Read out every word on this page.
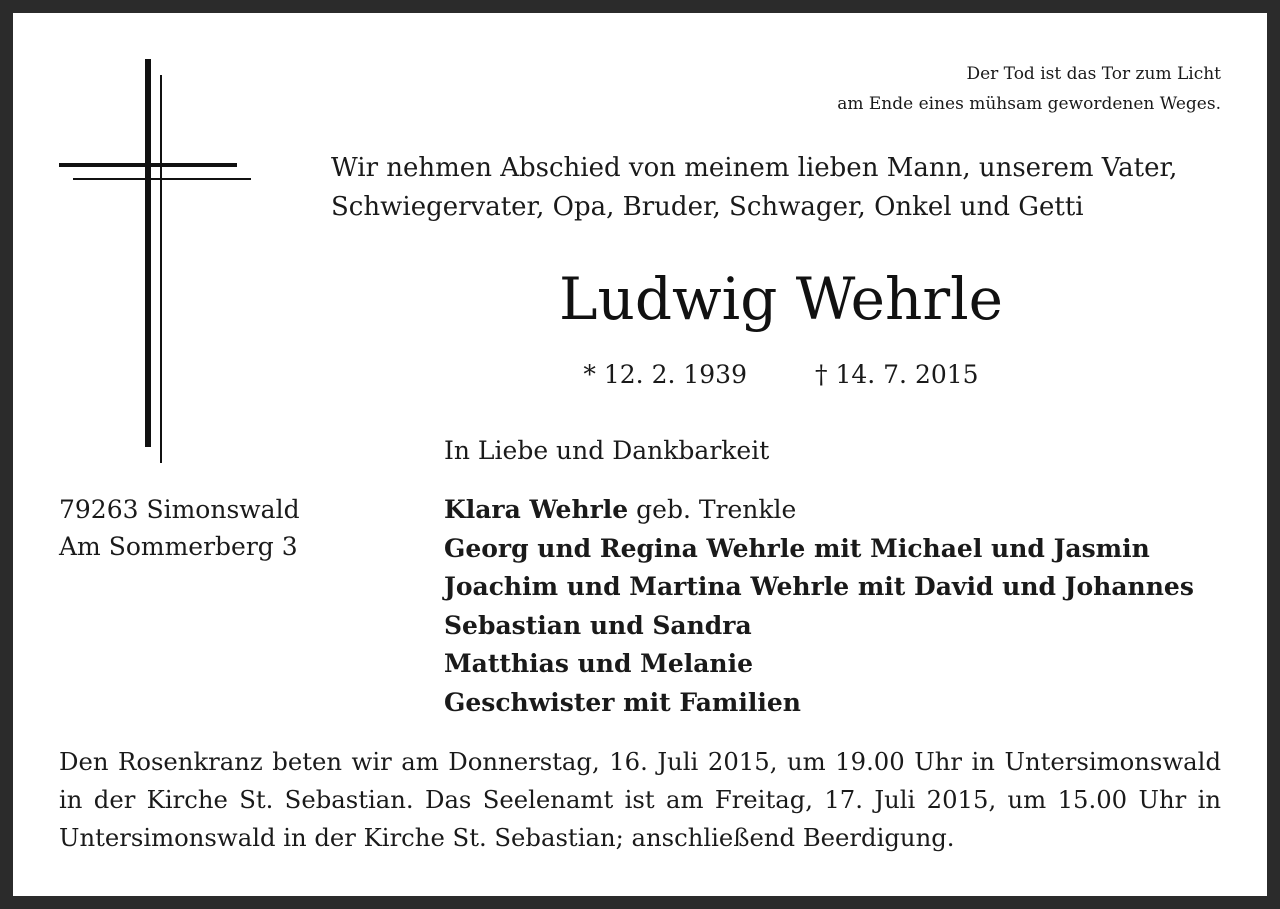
Der Tod ist das Tor zum Licht
am Ende eines mühsam gewordenen Weges.
Wir nehmen Abschied von meinem lieben Mann, unserem Vater,
Schwiegervater, Opa, Bruder, Schwager, Onkel und Getti
Ludwig Wehrle
* 12. 2. 1939	† 14. 7. 2015
In Liebe und Dankbarkeit
79263 Simonswald
Am Sommerberg 3
Klara Wehrle geb. Trenkle
Georg und Regina Wehrle mit Michael und Jasmin
Joachim und Martina Wehrle mit David und Johannes
Sebastian und Sandra
Matthias und Melanie
Geschwister mit Familien
Den Rosenkranz beten wir am Donnerstag, 16. Juli 2015, um 19.00 Uhr in Untersimonswald in der Kirche St. Sebastian. Das Seelenamt ist am Freitag, 17. Juli 2015, um 15.00 Uhr in Untersimonswald in der Kirche St. Sebastian; anschließend Beerdigung.
